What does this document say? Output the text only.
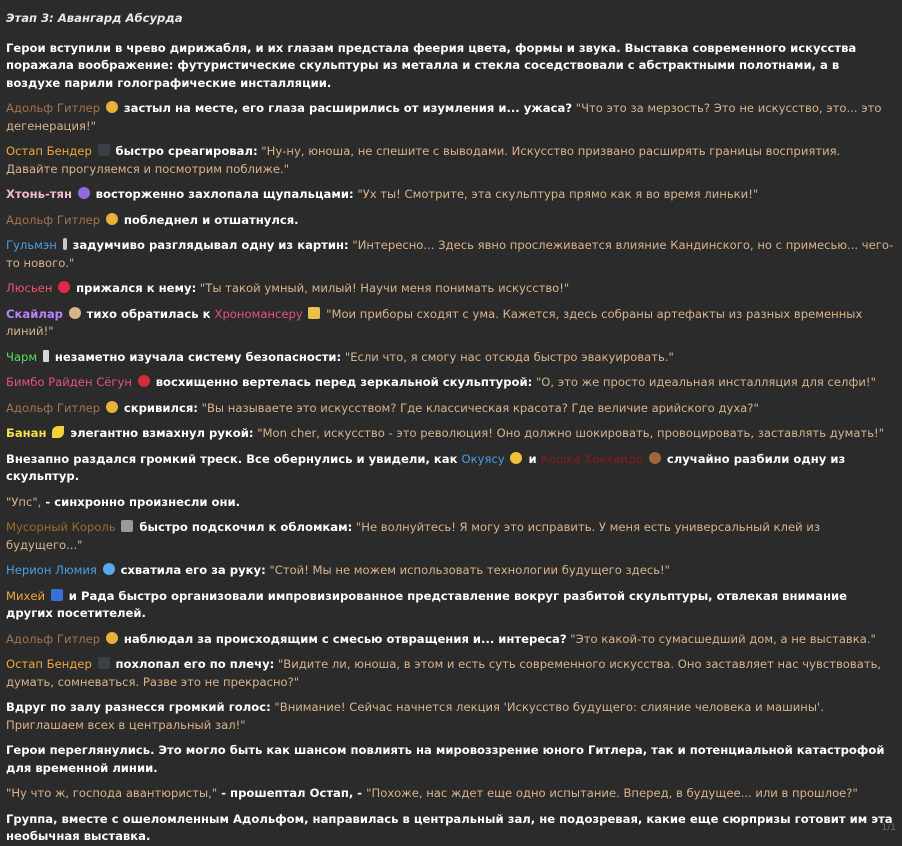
Этап 3: Авангард Абсурда
Герои вступили в чрево дирижабля, и их глазам предстала феерия цвета, формы и звука. Выставка современного искусства поражала воображение: футуристические скульптуры из металла и стекла соседствовали с абстрактными полотнами, а в воздухе парили голографические инсталляции.
Адольф Гитлер  застыл на месте, его глаза расширились от изумления и... ужаса? "Что это за мерзость? Это не искусство, это... это дегенерация!"
Остап Бендер  быстро среагировал: "Ну-ну, юноша, не спешите с выводами. Искусство призвано расширять границы восприятия. Давайте прогуляемся и посмотрим поближе."
Хтонь-тян  восторженно захлопала щупальцами: "Ух ты! Смотрите, эта скульптура прямо как я во время линьки!"
Адольф Гитлер  побледнел и отшатнулся.
Гульмэн  задумчиво разглядывал одну из картин: "Интересно... Здесь явно прослеживается влияние Кандинского, но с примесью... чего-то нового."
Люсьен  прижался к нему: "Ты такой умный, милый! Научи меня понимать искусство!"
Скайлар  тихо обратилась к Хрономансеру  "Мои приборы сходят с ума. Кажется, здесь собраны артефакты из разных временных линий!"
Чарм  незаметно изучала систему безопасности: "Если что, я смогу нас отсюда быстро эвакуировать."
Бимбо Райден Сёгун  восхищенно вертелась перед зеркальной скульптурой: "О, это же просто идеальная инсталляция для селфи!"
Адольф Гитлер  скривился: "Вы называете это искусством? Где классическая красота? Где величие арийского духа?"
Банан  элегантно взмахнул рукой: "Mon cher, искусство - это революция! Оно должно шокировать, провоцировать, заставлять думать!"
Внезапно раздался громкий треск. Все обернулись и увидели, как Окуясу  и Кошка Хоккайдо  случайно разбили одну из скульптур.
"Упс", - синхронно произнесли они.
Мусорный Король  быстро подскочил к обломкам: "Не волнуйтесь! Я могу это исправить. У меня есть универсальный клей из будущего..."
Нерион Люмия  схватила его за руку: "Стой! Мы не можем использовать технологии будущего здесь!"
Михей  и Рада быстро организовали импровизированное представление вокруг разбитой скульптуры, отвлекая внимание других посетителей.
Адольф Гитлер  наблюдал за происходящим с смесью отвращения и... интереса? "Это какой-то сумасшедший дом, а не выставка."
Остап Бендер  похлопал его по плечу: "Видите ли, юноша, в этом и есть суть современного искусства. Оно заставляет нас чувствовать, думать, сомневаться. Разве это не прекрасно?"
Вдруг по залу разнесся громкий голос: "Внимание! Сейчас начнется лекция 'Искусство будущего: слияние человека и машины'. Приглашаем всех в центральный зал!"
Герои переглянулись. Это могло быть как шансом повлиять на мировоззрение юного Гитлера, так и потенциальной катастрофой для временной линии.
"Ну что ж, господа авантюристы," - прошептал Остап, - "Похоже, нас ждет еще одно испытание. Вперед, в будущее... или в прошлое?"
Группа, вместе с ошеломленным Адольфом, направилась в центральный зал, не подозревая, какие еще сюрпризы готовит им эта необычная выставка.
1/1
